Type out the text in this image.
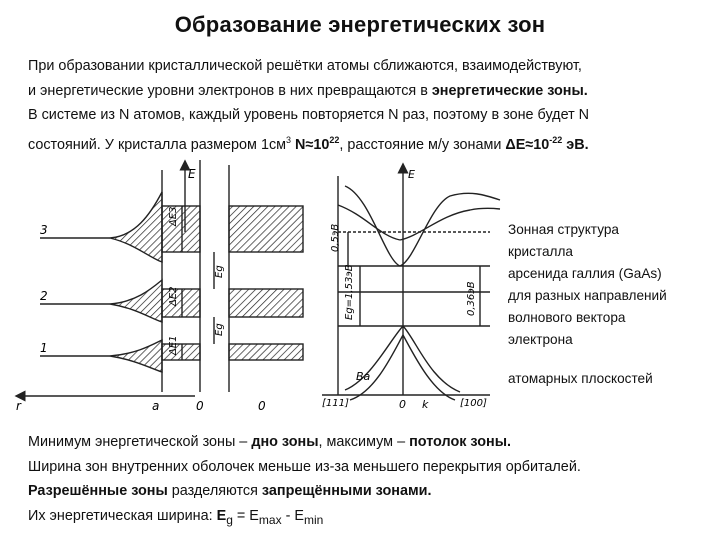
Образование энергетических зон
При образовании кристаллической решётки атомы сближаются, взаимодействуют,
и энергетические уровни электронов в них превращаются в энергетические зоны.
В системе из N атомов, каждый уровень повторяется N раз, поэтому в зоне будет N
состояний. У кристалла размером $1см^3$ $N\approx 10^{22}$, расстояние м/у зонами $\Delta E\approx 10^{-22}$ эВ.
3
2
1
E
ΔE3
ΔE2
ΔE1
Eg
Eg
r	a	0	0
0,5эВ
Eg=1,53эВ	0,36эВ
Ва
[111]	[100]
0 k
E
Зонная структура
кристалла
арсенида галлия (GaAs)
для разных направлений
волнового вектора
электрона
атомарных плоскостей
Минимум энергетической зоны – дно зоны, максимум – потолок зоны.
Ширина зон внутренних оболочек меньше из-за меньшего перекрытия орбиталей.
Разрешённые зоны разделяются запрещёнными зонами.
Их энергетическая ширина: $E_g = E_{max} - E_{min}$
